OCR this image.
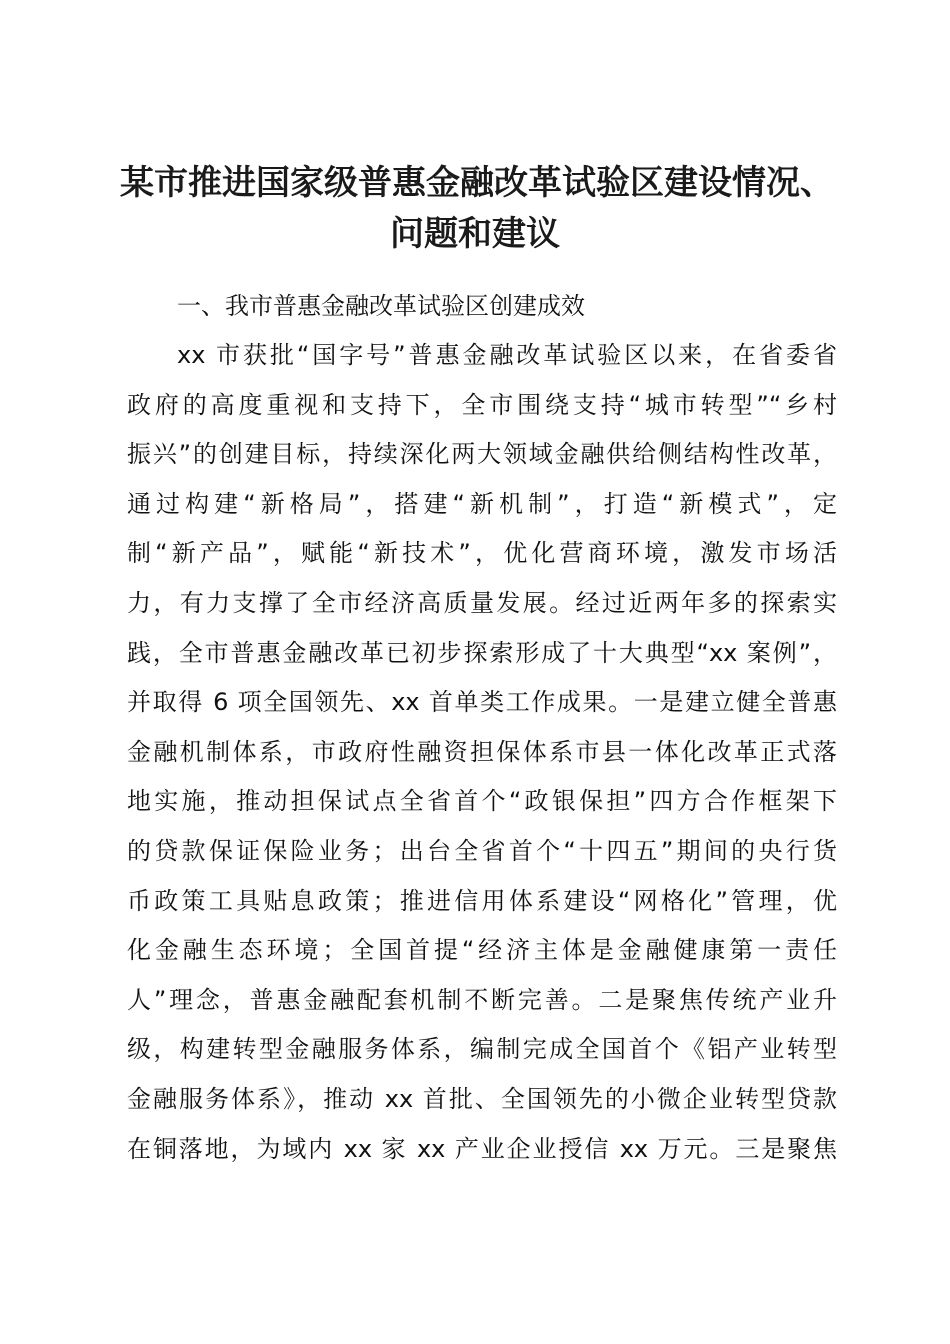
某市推进国家级普惠金融改革试验区建设情况、
问题和建议
一、我市普惠金融改革试验区创建成效
xx 市获批“国字号”普惠金融改革试验区以来，在省委省
政府的高度重视和支持下，全市围绕支持“城市转型”“乡村
振兴”的创建目标，持续深化两大领域金融供给侧结构性改革，
通过构建“新格局”，搭建“新机制”，打造“新模式”，定
制“新产品”，赋能“新技术”，优化营商环境，激发市场活
力，有力支撑了全市经济高质量发展。经过近两年多的探索实
践，全市普惠金融改革已初步探索形成了十大典型“xx 案例”，
并取得 6 项全国领先、xx 首单类工作成果。一是建立健全普惠
金融机制体系，市政府性融资担保体系市县一体化改革正式落
地实施，推动担保试点全省首个“政银保担”四方合作框架下
的贷款保证保险业务；出台全省首个“十四五”期间的央行货
币政策工具贴息政策；推进信用体系建设“网格化”管理，优
化金融生态环境；全国首提“经济主体是金融健康第一责任
人”理念，普惠金融配套机制不断完善。二是聚焦传统产业升
级，构建转型金融服务体系，编制完成全国首个《铝产业转型
金融服务体系》，推动 xx 首批、全国领先的小微企业转型贷款
在铜落地，为域内 xx 家 xx 产业企业授信 xx 万元。三是聚焦
